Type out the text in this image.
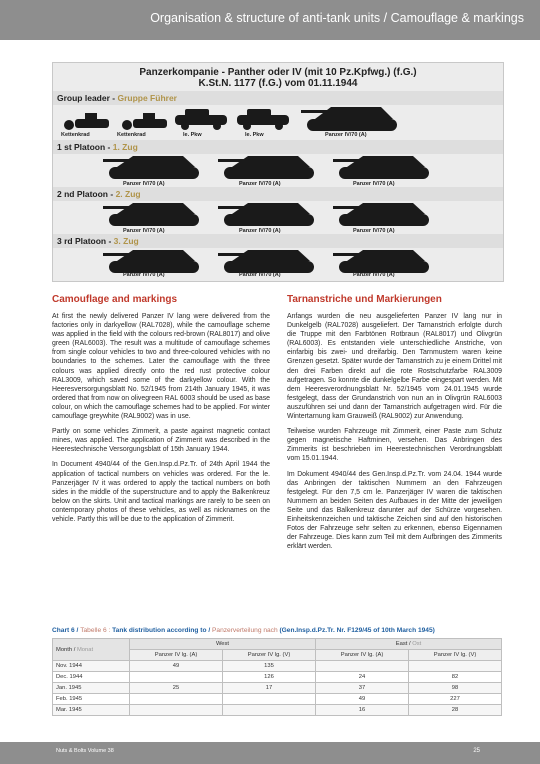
Organisation & structure of anti-tank units / Camouflage & markings
Panzerkompanie - Panther oder IV (mit 10 Pz.Kpfwg.) (f.G.)
K.St.N. 1177 (f.G.) vom 01.11.1944
Group leader - Gruppe Führer
Kettenkrad	Kettenkrad	le. Pkw	le. Pkw	Panzer IV/70 (A)
1 st Platoon - 1. Zug
Panzer IV/70 (A)	Panzer IV/70 (A)	Panzer IV/70 (A)
2 nd Platoon - 2. Zug
Panzer IV/70 (A)	Panzer IV/70 (A)	Panzer IV/70 (A)
3 rd Platoon - 3. Zug
Panzer IV/70 (A)	Panzer IV/70 (A)	Panzer IV/70 (A)
Camouflage and markings

At first the newly delivered Panzer IV lang were delivered from the factories only in darkyellow (RAL7028), while the camouflage scheme was applied in the field with the colours red-brown (RAL8017) and olive green (RAL6003). The result was a multitude of camouflage schemes from single colour vehicles to two and three-coloured vehicles with no boundaries to the schemes. Later the camouflage with the three colours was applied directly onto the red rust protective colour RAL3009, which saved some of the darkyellow colour. With the Heeresversorgungsblatt No. 52/1945 from 214th January 1945, it was ordered that from now on olivegreen RAL 6003 should be used as base colour, on which the camouflage schemes had to be applied. For winter camouflage greywhite (RAL9002) was in use.

Partly on some vehicles Zimmerit, a paste against magnetic contact mines, was applied. The application of Zimmerit was described in the Heerestechnische Versorgungsblatt of 15th January 1944.

In Document 4940/44 of the Gen.Insp.d.Pz.Tr. of 24th April 1944 the application of tactical numbers on vehicles was ordered. For the le. Panzerjäger IV it was ordered to apply the tactical numbers on both sides in the middle of the superstructure and to apply the Balkenkreuz below on the skirts. Unit and tactical markings are rarely to be seen on contemporary photos of these vehicles, as well as nicknames on the vehicle. Partly this will be due to the application of Zimmerit.

Tarnanstriche und Markierungen

Anfangs wurden die neu ausgelieferten Panzer IV lang nur in Dunkelgelb (RAL7028) ausgeliefert. Der Tarnanstrich erfolgte durch die Truppe mit den Farbtönen Rotbraun (RAL8017) und Olivgrün (RAL6003). Es entstanden viele unterschiedliche Anstriche, von einfarbig bis zwei- und dreifarbig. Den Tarnmustern waren keine Grenzen gesetzt. Später wurde der Tarnanstrich zu je einem Drittel mit den drei Farben direkt auf die rote Rostschutzfarbe RAL3009 aufgetragen. So konnte die dunkelgelbe Farbe eingespart werden. Mit dem Heeresverordnungsblatt Nr. 52/1945 vom 24.01.1945 wurde festgelegt, dass der Grundanstrich von nun an in Olivgrün RAL6003 auszuführen sei und dann der Tarnanstrich aufgetragen wird. Für die Wintertarnung kam Grauweiß (RAL9002) zur Anwendung.

Teilweise wurden Fahrzeuge mit Zimmerit, einer Paste zum Schutz gegen magnetische Haftminen, versehen. Das Anbringen des Zimmerits ist beschrieben im Heerestechnischen Verordnungsblatt vom 15.01.1944.

Im Dokument 4940/44 des Gen.Insp.d.Pz.Tr. vom 24.04. 1944 wurde das Anbringen der taktischen Nummern an den Fahrzeugen festgelegt. Für den 7,5 cm le. Panzerjäger IV waren die taktischen Nummern an beiden Seiten des Aufbaues in der Mitte der jeweiligen Seite und das Balkenkreuz darunter auf der Schürze vorgesehen. Einheitskennzeichen und taktische Zeichen sind auf den historischen Fotos der Fahrzeuge sehr selten zu erkennen, ebenso Eigennamen der Fahrzeuge. Dies kann zum Teil mit dem Aufbringen des Zimmerits erklärt werden.

Chart 6 / Tabelle 6 : Tank distribution according to / Panzerverteilung nach (Gen.Insp.d.Pz.Tr. Nr. F129/45 of 10th March 1945)
Month / Monat	West		East / Ost	
	Panzer IV lg. (A)	Panzer IV lg. (V)	Panzer IV lg. (A)	Panzer IV lg. (V)
Nov. 1944	49	135		
Dec. 1944		126	24	82
Jan. 1945	25	17	37	98
Feb. 1945			49	227
Mar. 1945			16	28
Nuts & Bolts Volume 38	25
